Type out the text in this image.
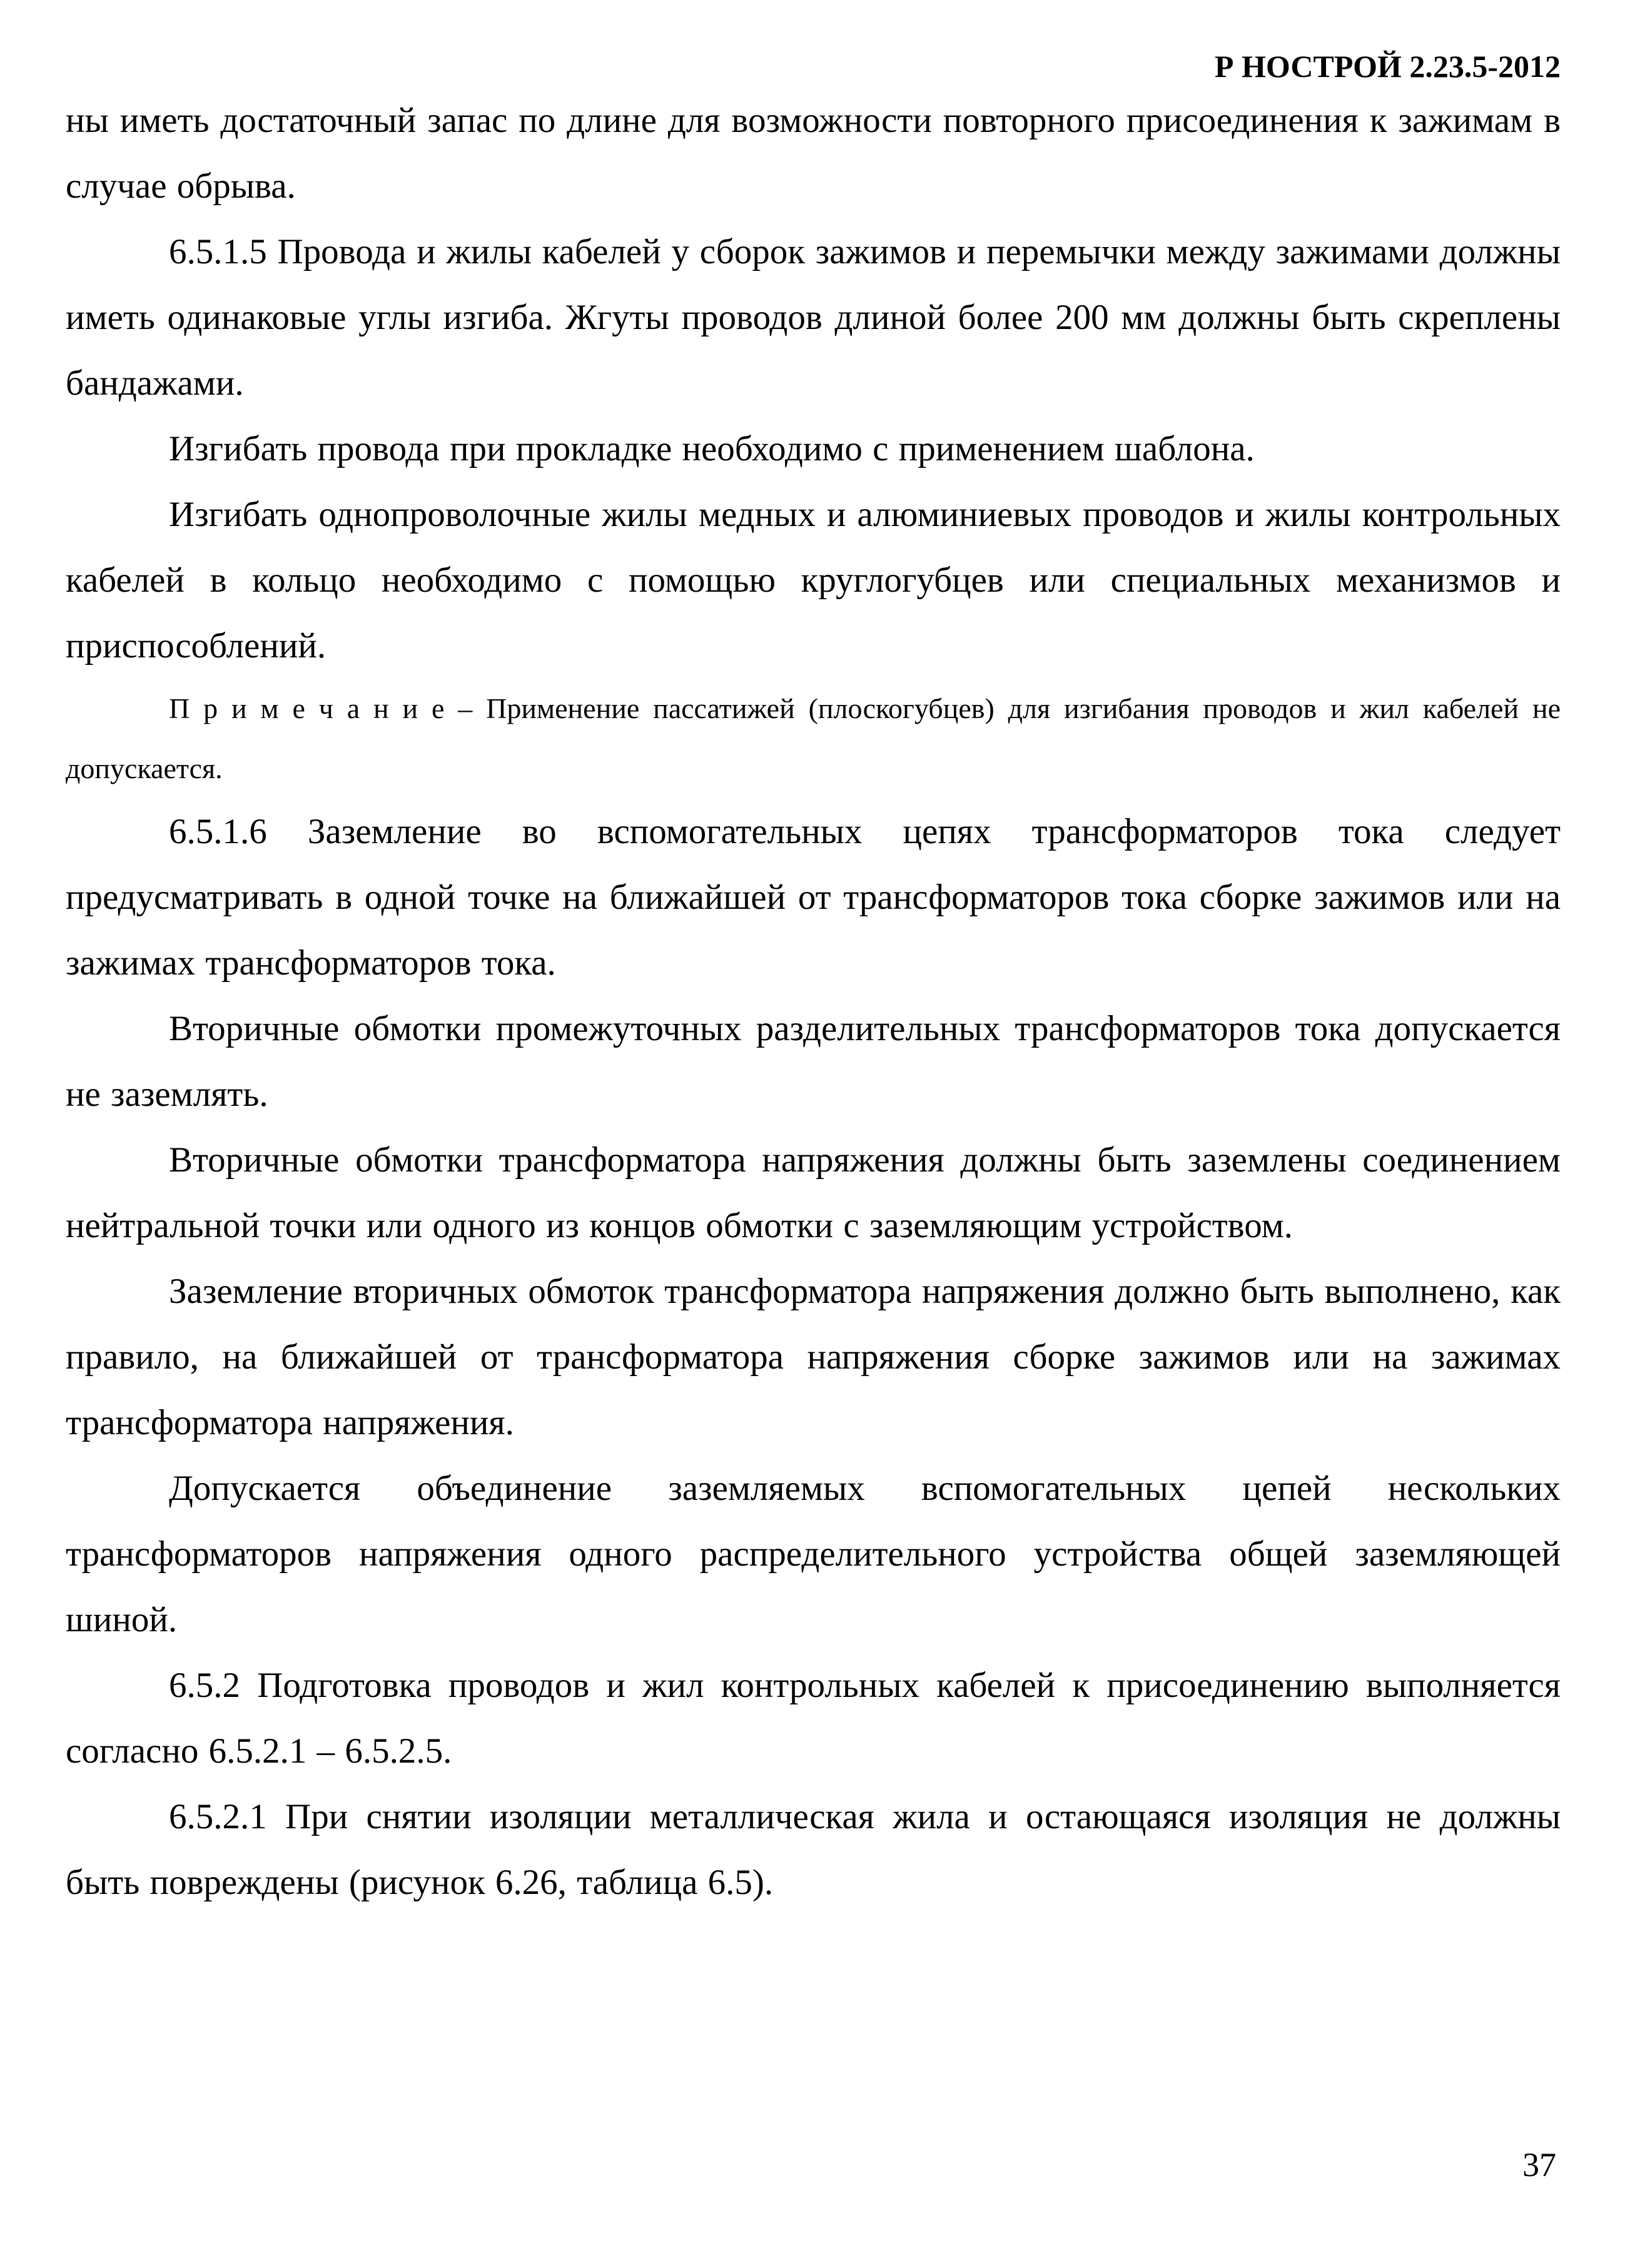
Р НОСТРОЙ 2.23.5-2012

ны иметь достаточный запас по длине для возможности повторного присоединения к зажимам в случае обрыва.

6.5.1.5 Провода и жилы кабелей у сборок зажимов и перемычки между зажимами должны иметь одинаковые углы изгиба. Жгуты проводов длиной более 200 мм должны быть скреплены бандажами.

Изгибать провода при прокладке необходимо с применением шаблона.

Изгибать однопроволочные жилы медных и алюминиевых проводов и жилы контрольных кабелей в кольцо необходимо с помощью круглогубцев или специальных механизмов и приспособлений.

П р и м е ч а н и е – Применение пассатижей (плоскогубцев) для изгибания проводов и жил кабелей не допускается.

6.5.1.6 Заземление во вспомогательных цепях трансформаторов тока следует предусматривать в одной точке на ближайшей от трансформаторов тока сборке зажимов или на зажимах трансформаторов тока.

Вторичные обмотки промежуточных разделительных трансформаторов тока допускается не заземлять.

Вторичные обмотки трансформатора напряжения должны быть заземлены соединением нейтральной точки или одного из концов обмотки с заземляющим устройством.

Заземление вторичных обмоток трансформатора напряжения должно быть выполнено, как правило, на ближайшей от трансформатора напряжения сборке зажимов или на зажимах трансформатора напряжения.

Допускается объединение заземляемых вспомогательных цепей нескольких трансформаторов напряжения одного распределительного устройства общей заземляющей шиной.

6.5.2 Подготовка проводов и жил контрольных кабелей к присоединению выполняется согласно 6.5.2.1 – 6.5.2.5.

6.5.2.1 При снятии изоляции металлическая жила и остающаяся изоляция не должны быть повреждены (рисунок 6.26, таблица 6.5).

37
